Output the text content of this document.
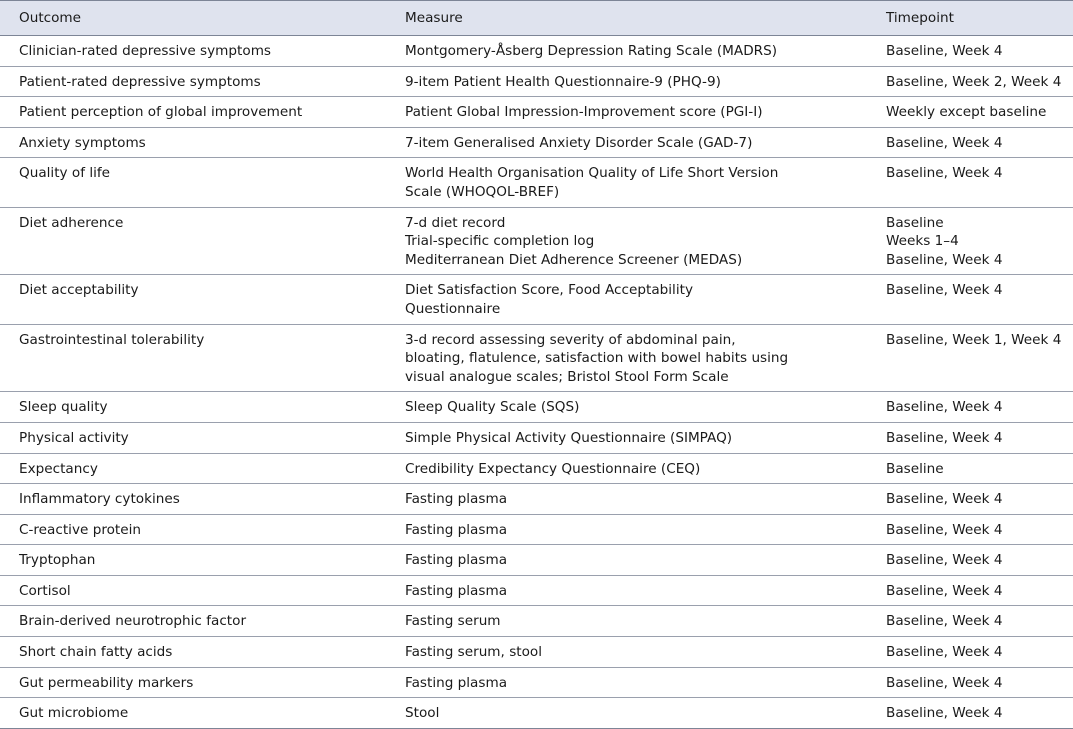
Outcome	Measure	Timepoint
Clinician-rated depressive symptoms	Montgomery-Åsberg Depression Rating Scale (MADRS)	Baseline, Week 4

Patient-rated depressive symptoms	9-item Patient Health Questionnaire-9 (PHQ-9)	Baseline, Week 2, Week 4

Patient perception of global improvement	Patient Global Impression-Improvement score (PGI-I)	Weekly except baseline

Anxiety symptoms	7-item Generalised Anxiety Disorder Scale (GAD-7)	Baseline, Week 4

Quality of life	World Health Organisation Quality of Life Short Version
Scale (WHOQOL-BREF)	Baseline, Week 4

Diet adherence	7-d diet record
Trial-specific completion log
Mediterranean Diet Adherence Screener (MEDAS)	Baseline
Weeks 1–4
Baseline, Week 4

Diet acceptability	Diet Satisfaction Score, Food Acceptability
Questionnaire	Baseline, Week 4

Gastrointestinal tolerability	3-d record assessing severity of abdominal pain,
bloating, flatulence, satisfaction with bowel habits using
visual analogue scales; Bristol Stool Form Scale	Baseline, Week 1, Week 4

Sleep quality	Sleep Quality Scale (SQS)	Baseline, Week 4

Physical activity	Simple Physical Activity Questionnaire (SIMPAQ)	Baseline, Week 4

Expectancy	Credibility Expectancy Questionnaire (CEQ)	Baseline

Inflammatory cytokines	Fasting plasma	Baseline, Week 4

C-reactive protein	Fasting plasma	Baseline, Week 4

Tryptophan	Fasting plasma	Baseline, Week 4

Cortisol	Fasting plasma	Baseline, Week 4

Brain-derived neurotrophic factor	Fasting serum	Baseline, Week 4

Short chain fatty acids	Fasting serum, stool	Baseline, Week 4

Gut permeability markers	Fasting plasma	Baseline, Week 4

Gut microbiome	Stool	Baseline, Week 4
